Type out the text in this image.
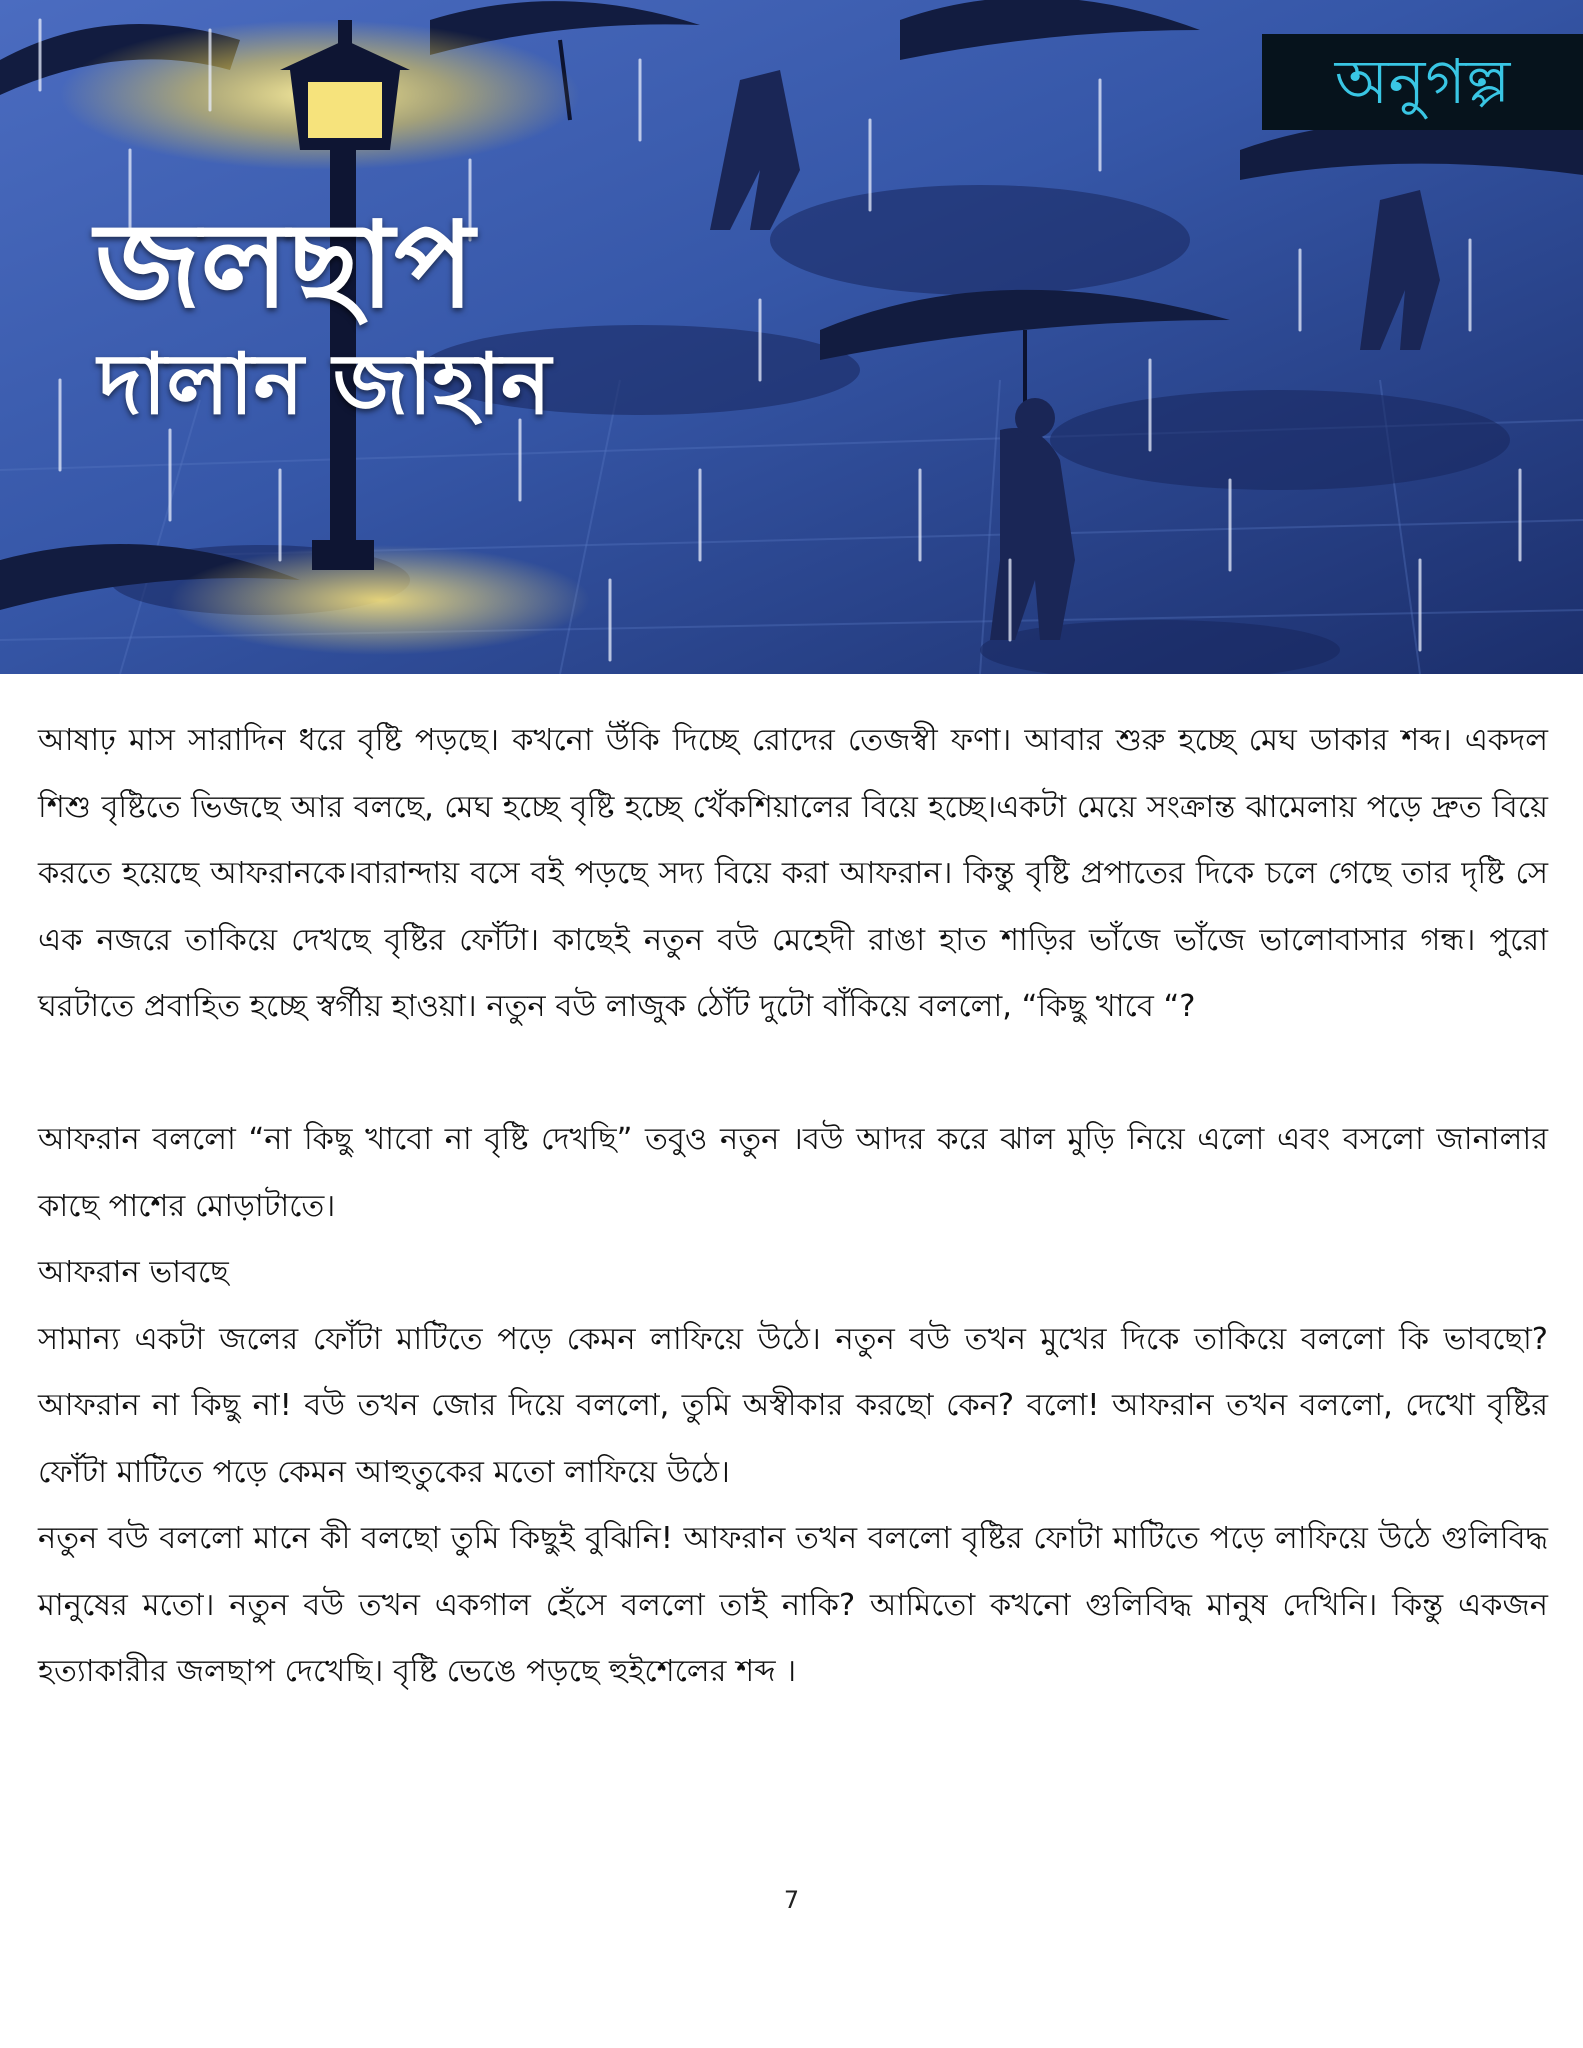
অনুগল্প
জলছাপ
দালান জাহান

আষাঢ় মাস সারাদিন ধরে বৃষ্টি পড়ছে। কখনো উঁকি দিচ্ছে রোদের তেজস্বী ফণা। আবার শুরু হচ্ছে মেঘ ডাকার শব্দ। একদল শিশু বৃষ্টিতে ভিজছে আর বলছে, মেঘ হচ্ছে বৃষ্টি হচ্ছে খেঁকশিয়ালের বিয়ে হচ্ছে।একটা মেয়ে সংক্রান্ত ঝামেলায় পড়ে দ্রুত বিয়ে করতে হয়েছে আফরানকে।বারান্দায় বসে বই পড়ছে সদ্য বিয়ে করা আফরান। কিন্তু বৃষ্টি প্রপাতের দিকে চলে গেছে তার দৃষ্টি সে এক নজরে তাকিয়ে দেখছে বৃষ্টির ফোঁটা। কাছেই নতুন বউ মেহেদী রাঙা হাত শাড়ির ভাঁজে ভাঁজে ভালোবাসার গন্ধ। পুরো ঘরটাতে প্রবাহিত হচ্ছে স্বর্গীয় হাওয়া। নতুন বউ লাজুক ঠোঁট দুটো বাঁকিয়ে বললো, “কিছু খাবে “?

আফরান বললো “না কিছু খাবো না বৃষ্টি দেখছি” তবুও নতুন ।বউ আদর করে ঝাল মুড়ি নিয়ে এলো এবং বসলো জানালার কাছে পাশের মোড়াটাতে।

আফরান ভাবছে

সামান্য একটা জলের ফোঁটা মাটিতে পড়ে কেমন লাফিয়ে উঠে। নতুন বউ তখন মুখের দিকে তাকিয়ে বললো কি ভাবছো? আফরান না কিছু না! বউ তখন জোর দিয়ে বললো, তুমি অস্বীকার করছো কেন? বলো! আফরান তখন বললো, দেখো বৃষ্টির ফোঁটা মাটিতে পড়ে কেমন আহুতুকের মতো লাফিয়ে উঠে।

নতুন বউ বললো মানে কী বলছো তুমি কিছুই বুঝিনি! আফরান তখন বললো বৃষ্টির ফোটা মাটিতে পড়ে লাফিয়ে উঠে গুলিবিদ্ধ মানুষের মতো। নতুন বউ তখন একগাল হেঁসে বললো তাই নাকি? আমিতো কখনো গুলিবিদ্ধ মানুষ দেখিনি। কিন্তু একজন হত্যাকারীর জলছাপ দেখেছি। বৃষ্টি ভেঙে পড়ছে হুইশেলের শব্দ ।

7
